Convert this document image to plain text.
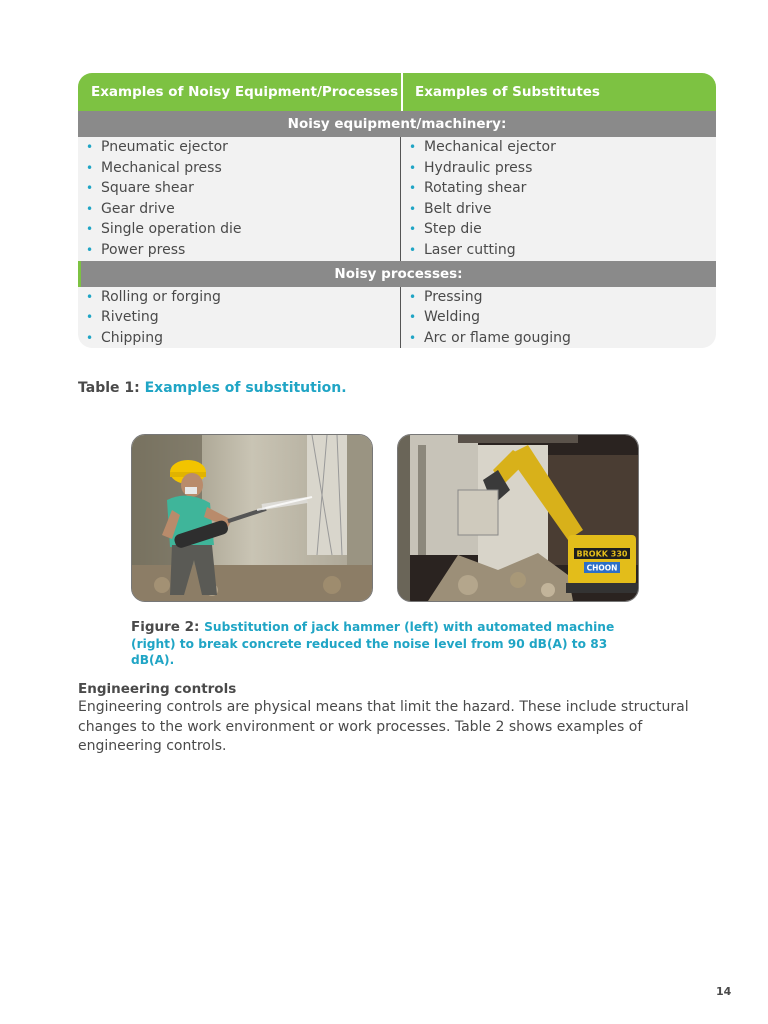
Examples of Noisy Equipment/Processes	Examples of Substitutes
Noisy equipment/machinery:
• Pneumatic ejector
• Mechanical press
• Square shear
• Gear drive
• Single operation die
• Power press
• Mechanical ejector
• Hydraulic press
• Rotating shear
• Belt drive
• Step die
• Laser cutting
Noisy processes:
• Rolling or forging
• Riveting
• Chipping
• Pressing
• Welding
• Arc or flame gouging
Table 1: Examples of substitution.
BROKK 330
CHOON
Figure 2: Substitution of jack hammer (left) with automated machine (right) to break concrete reduced the noise level from 90 dB(A) to 83 dB(A).
Engineering controls
Engineering controls are physical means that limit the hazard. These include structural changes to the work environment or work processes. Table 2 shows examples of engineering controls.
14
